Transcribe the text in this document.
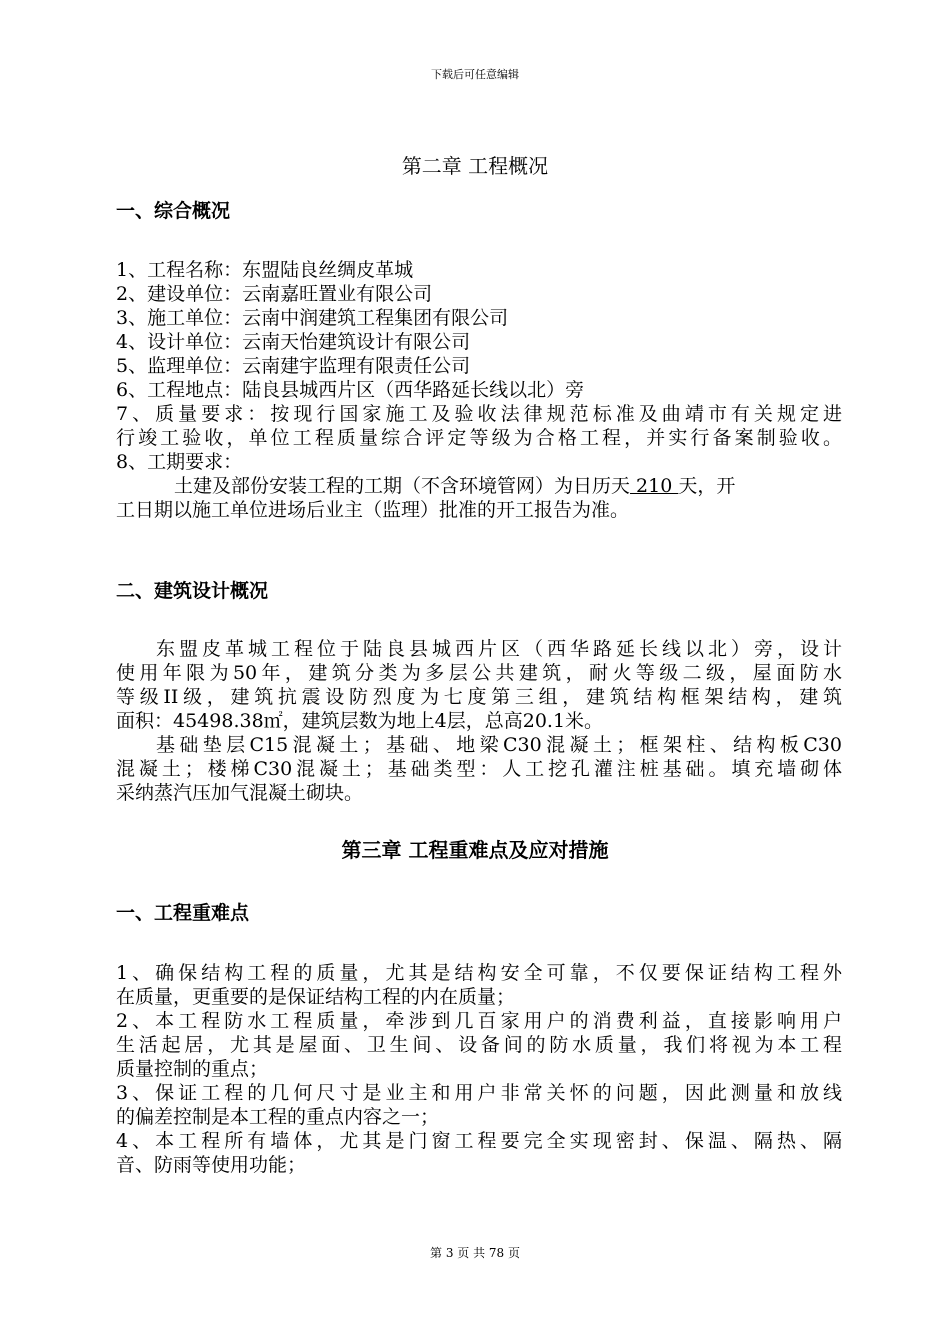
下载后可任意编辑
第二章 工程概况
一、综合概况
1、工程名称：东盟陆良丝绸皮革城
2、建设单位：云南嘉旺置业有限公司
3、施工单位：云南中润建筑工程集团有限公司
4、设计单位：云南天怡建筑设计有限公司
5、监理单位：云南建宇监理有限责任公司
6、工程地点：陆良县城西片区（西华路延长线以北）旁
7、质量要求：按现行国家施工及验收法律规范标准及曲靖市有关规定进
行竣工验收，单位工程质量综合评定等级为合格工程，并实行备案制验收。
8、工期要求：
土建及部份安装工程的工期（不含环境管网）为日历天 210 天，开
工日期以施工单位进场后业主（监理）批准的开工报告为准。
二、建筑设计概况
东盟皮革城工程位于陆良县城西片区（西华路延长线以北）旁，设计
使用年限为50年，建筑分类为多层公共建筑，耐火等级二级，屋面防水
等级II级，建筑抗震设防烈度为七度第三组，建筑结构框架结构，建筑
面积：45498.38㎡，建筑层数为地上4层，总高20.1米。
基础垫层C15混凝土；基础、地梁C30混凝土；框架柱、结构板C30
混凝土；楼梯C30混凝土；基础类型：人工挖孔灌注桩基础。填充墙砌体
采纳蒸汽压加气混凝土砌块。
第三章 工程重难点及应对措施
一、工程重难点
1、确保结构工程的质量，尤其是结构安全可靠，不仅要保证结构工程外
在质量，更重要的是保证结构工程的内在质量；
2、本工程防水工程质量，牵涉到几百家用户的消费利益，直接影响用户
生活起居，尤其是屋面、卫生间、设备间的防水质量，我们将视为本工程
质量控制的重点；
3、保证工程的几何尺寸是业主和用户非常关怀的问题，因此测量和放线
的偏差控制是本工程的重点内容之一；
4、本工程所有墙体，尤其是门窗工程要完全实现密封、保温、隔热、隔
音、防雨等使用功能；
第 3 页 共 78 页
